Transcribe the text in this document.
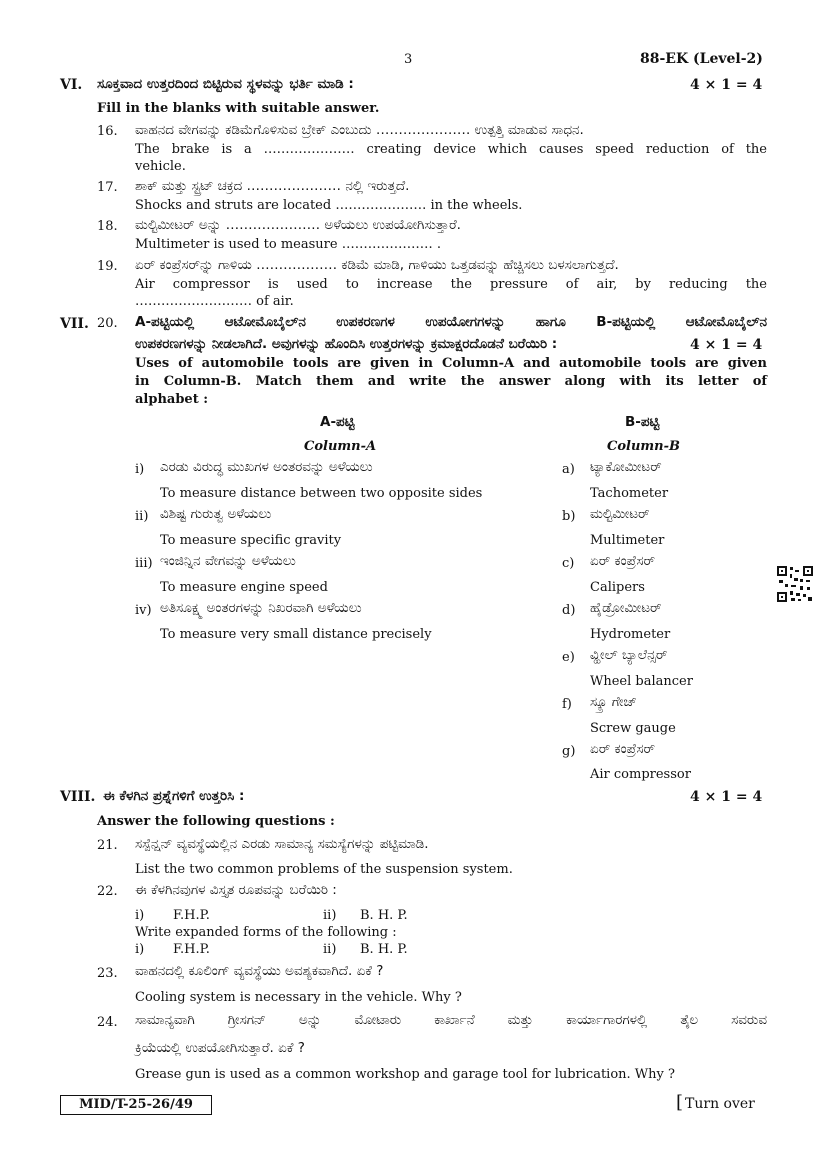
3	88-EK (Level-2)
VI. ಸೂಕ್ತವಾದ ಉತ್ತರದಿಂದ ಬಿಟ್ಟಿರುವ ಸ್ಥಳವನ್ನು ಭರ್ತಿ ಮಾಡಿ :	4 × 1 = 4
Fill in the blanks with suitable answer.
16. ವಾಹನದ ವೇಗವನ್ನು ಕಡಿಮೆಗೊಳಿಸುವ ಬ್ರೇಕ್ ಎಂಬುದು ………………… ಉತ್ಪತ್ತಿ ಮಾಡುವ ಸಾಧನ.
The brake is a ………………… creating device which causes speed reduction of the
vehicle.
17. ಶಾಕ್ ಮತ್ತು ಸ್ಟ್ರಟ್ ಚಕ್ರದ ………………… ನಲ್ಲಿ ಇರುತ್ತದೆ.
Shocks and struts are located ………………… in the wheels.
18. ಮಲ್ಟಿಮೀಟರ್ ಅನ್ನು ………………… ಅಳೆಯಲು ಉಪಯೋಗಿಸುತ್ತಾರೆ.
Multimeter is used to measure ………………… .
19. ಏರ್ ಕಂಪ್ರೆಸರ್‌ನ್ನು ಗಾಳಿಯ ……………… ಕಡಿಮೆ ಮಾಡಿ, ಗಾಳಿಯು ಒತ್ತಡವನ್ನು ಹೆಚ್ಚಿಸಲು ಬಳಸಲಾಗುತ್ತದೆ.
Air compressor is used to increase the pressure of air, by reducing the
……………………… of air.
VII. 20. A-ಪಟ್ಟಿಯಲ್ಲಿ ಆಟೋಮೊಬೈಲ್‌ನ ಉಪಕರಣಗಳ ಉಪಯೋಗಗಳನ್ನು ಹಾಗೂ B-ಪಟ್ಟಿಯಲ್ಲಿ ಆಟೋಮೊಬೈಲ್‌ನ
ಉಪಕರಣಗಳನ್ನು ನೀಡಲಾಗಿದೆ. ಅವುಗಳನ್ನು ಹೊಂದಿಸಿ ಉತ್ತರಗಳನ್ನು ಕ್ರಮಾಕ್ಷರದೊಡನೆ ಬರೆಯಿರಿ :	4 × 1 = 4
Uses of automobile tools are given in Column-A and automobile tools are given
in Column-B. Match them and write the answer along with its letter of
alphabet :
A-ಪಟ್ಟಿ
Column-A
B-ಪಟ್ಟಿ
Column-B
i) ಎರಡು ವಿರುದ್ಧ ಮುಖಗಳ ಅಂತರವನ್ನು ಅಳೆಯಲು
To measure distance between two opposite sides
ii) ವಿಶಿಷ್ಟ ಗುರುತ್ವ ಅಳೆಯಲು
To measure specific gravity
iii) ಇಂಜಿನ್ನಿನ ವೇಗವನ್ನು ಅಳೆಯಲು
To measure engine speed
iv) ಅತಿಸೂಕ್ಷ್ಮ ಅಂತರಗಳನ್ನು ನಿಖರವಾಗಿ ಅಳೆಯಲು
To measure very small distance precisely
a) ಟ್ಯಾಕೋಮೀಟರ್
Tachometer
b) ಮಲ್ಟಿಮೀಟರ್
Multimeter
c) ಏರ್ ಕಂಪ್ರೆಸರ್
Calipers
d) ಹೈಡ್ರೋಮೀಟರ್
Hydrometer
e) ವ್ಹೀಲ್ ಬ್ಯಾಲೆನ್ಸರ್
Wheel balancer
f) ಸ್ಕ್ರೂ ಗೇಜ್
Screw gauge
g) ಏರ್ ಕಂಪ್ರೆಸರ್
Air compressor
VIII. ಈ ಕೆಳಗಿನ ಪ್ರಶ್ನೆಗಳಿಗೆ ಉತ್ತರಿಸಿ :	4 × 1 = 4
Answer the following questions :
21. ಸಸ್ಪೆನ್ಷನ್ ವ್ಯವಸ್ಥೆಯಲ್ಲಿನ ಎರಡು ಸಾಮಾನ್ಯ ಸಮಸ್ಯೆಗಳನ್ನು ಪಟ್ಟಿಮಾಡಿ.
List the two common problems of the suspension system.
22. ಈ ಕೆಳಗಿನವುಗಳ ವಿಸ್ತೃತ ರೂಪವನ್ನು ಬರೆಯಿರಿ :
i) F.H.P.	ii) B. H. P.
Write expanded forms of the following :
i) F.H.P.	ii) B. H. P.
23. ವಾಹನದಲ್ಲಿ ಕೂಲಿಂಗ್ ವ್ಯವಸ್ಥೆಯು ಅವಶ್ಯಕವಾಗಿದೆ. ಏಕೆ ?
Cooling system is necessary in the vehicle. Why ?
24. ಸಾಮಾನ್ಯವಾಗಿ ಗ್ರೀಸಗನ್ ಅನ್ನು ಮೋಟಾರು ಕಾರ್ಖಾನೆ ಮತ್ತು ಕಾರ್ಯಾಗಾರಗಳಲ್ಲಿ ತೈಲ ಸವರುವ
ಕ್ರಿಯೆಯಲ್ಲಿ ಉಪಯೋಗಿಸುತ್ತಾರೆ. ಏಕೆ ?
Grease gun is used as a common workshop and garage tool for lubrication. Why ?
MID/T-25-26/49
[	Turn over
